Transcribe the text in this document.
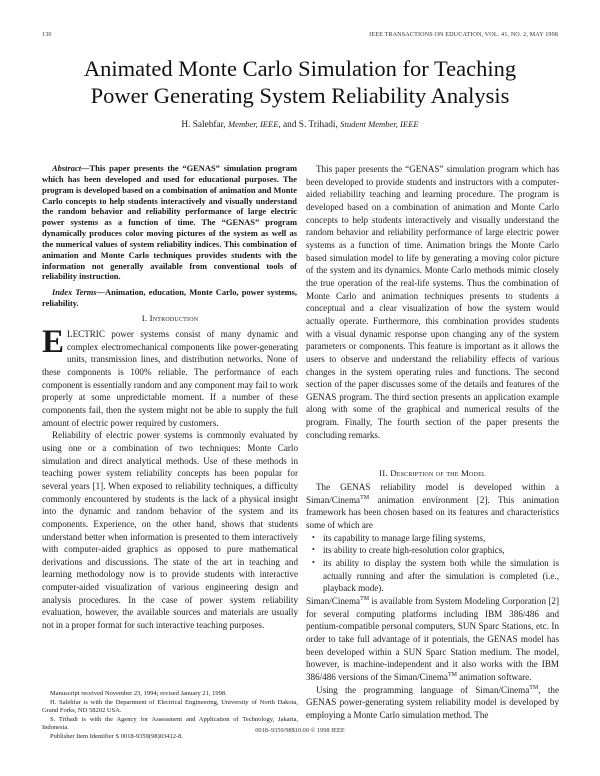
130	IEEE TRANSACTIONS ON EDUCATION, VOL. 41, NO. 2, MAY 1998
Animated Monte Carlo Simulation for Teaching
Power Generating System Reliability Analysis
H. Salehfar, Member, IEEE, and S. Trihadi, Student Member, IEEE

Abstract—This paper presents the “GENAS” simulation program which has been developed and used for educational purposes. The program is developed based on a combination of animation and Monte Carlo concepts to help students interactively and visually understand the random behavior and reliability performance of large electric power systems as a function of time. The “GENAS” program dynamically produces color moving pictures of the system as well as the numerical values of system reliability indices. This combination of animation and Monte Carlo techniques provides students with the information not generally available from conventional tools of reliability instruction.

Index Terms—Animation, education, Monte Carlo, power systems, reliability.

I. Introduction

ELECTRIC power systems consist of many dynamic and complex electromechanical components like power-generating units, transmission lines, and distribution networks. None of these components is 100% reliable. The performance of each component is essentially random and any component may fail to work properly at some unpredictable moment. If a number of these components fail, then the system might not be able to supply the full amount of electric power required by customers.

Reliability of electric power systems is commonly evaluated by using one or a combination of two techniques: Monte Carlo simulation and direct analytical methods. Use of these methods in teaching power system reliability concepts has been popular for several years [1]. When exposed to reliability techniques, a difficulty commonly encountered by students is the lack of a physical insight into the dynamic and random behavior of the system and its components. Experience, on the other hand, shows that students understand better when information is presented to them interactively with computer-aided graphics as opposed to pure mathematical derivations and discussions. The state of the art in teaching and learning methodology now is to provide students with interactive computer-aided visualization of various engineering design and analysis procedures. In the case of power system reliability evaluation, however, the available sources and materials are usually not in a proper format for such interactive teaching purposes.

Manuscript received November 23, 1994; revised January 21, 1998.

H. Salehfar is with the Department of Electrical Engineering, University of North Dakota, Grand Forks, ND 58202 USA.

S. Trihadi is with the Agency for Assessment and Application of Technology, Jakarta, Indonesia.

Publisher Item Identifier S 0018-9359(98)03412-8.

This paper presents the “GENAS” simulation program which has been developed to provide students and instructors with a computer-aided reliability teaching and learning procedure. The program is developed based on a combination of animation and Monte Carlo concepts to help students interactively and visually understand the random behavior and reliability performance of large electric power systems as a function of time. Animation brings the Monte Carlo based simulation model to life by generating a moving color picture of the system and its dynamics. Monte Carlo methods mimic closely the true operation of the real-life systems. Thus the combination of Monte Carlo and animation techniques presents to students a conceptual and a clear visualization of how the system would actually operate. Furthermore, this combination provides students with a visual dynamic response upon changing any of the system parameters or components. This feature is important as it allows the users to observe and understand the reliability effects of various changes in the system operating rules and functions. The second section of the paper discusses some of the details and features of the GENAS program. The third section presents an application example along with some of the graphical and numerical results of the program. Finally, The fourth section of the paper presents the concluding remarks.

II. Description of the Model

The GENAS reliability model is developed within a Siman/Cinema™ animation environment [2]. This animation framework has been chosen based on its features and characteristics some of which are

• its capability to manage large filing systems,
• its ability to create high-resolution color graphics,
• its ability to display the system both while the simulation is actually running and after the simulation is completed (i.e., playback mode).

Siman/Cinema™ is available from System Modeling Corporation [2] for several computing platforms including IBM 386/486 and pentium-compatible personal computers, SUN Sparc Stations, etc. In order to take full advantage of it potentials, the GENAS model has been developed within a SUN Sparc Station medium. The model, however, is machine-independent and it also works with the IBM 386/486 versions of the Siman/Cinema™ animation software.

Using the programming language of Siman/Cinema™, the GENAS power-generating system reliability model is developed by employing a Monte Carlo simulation method. The

0018–9359/98$10.00 © 1998 IEEE
